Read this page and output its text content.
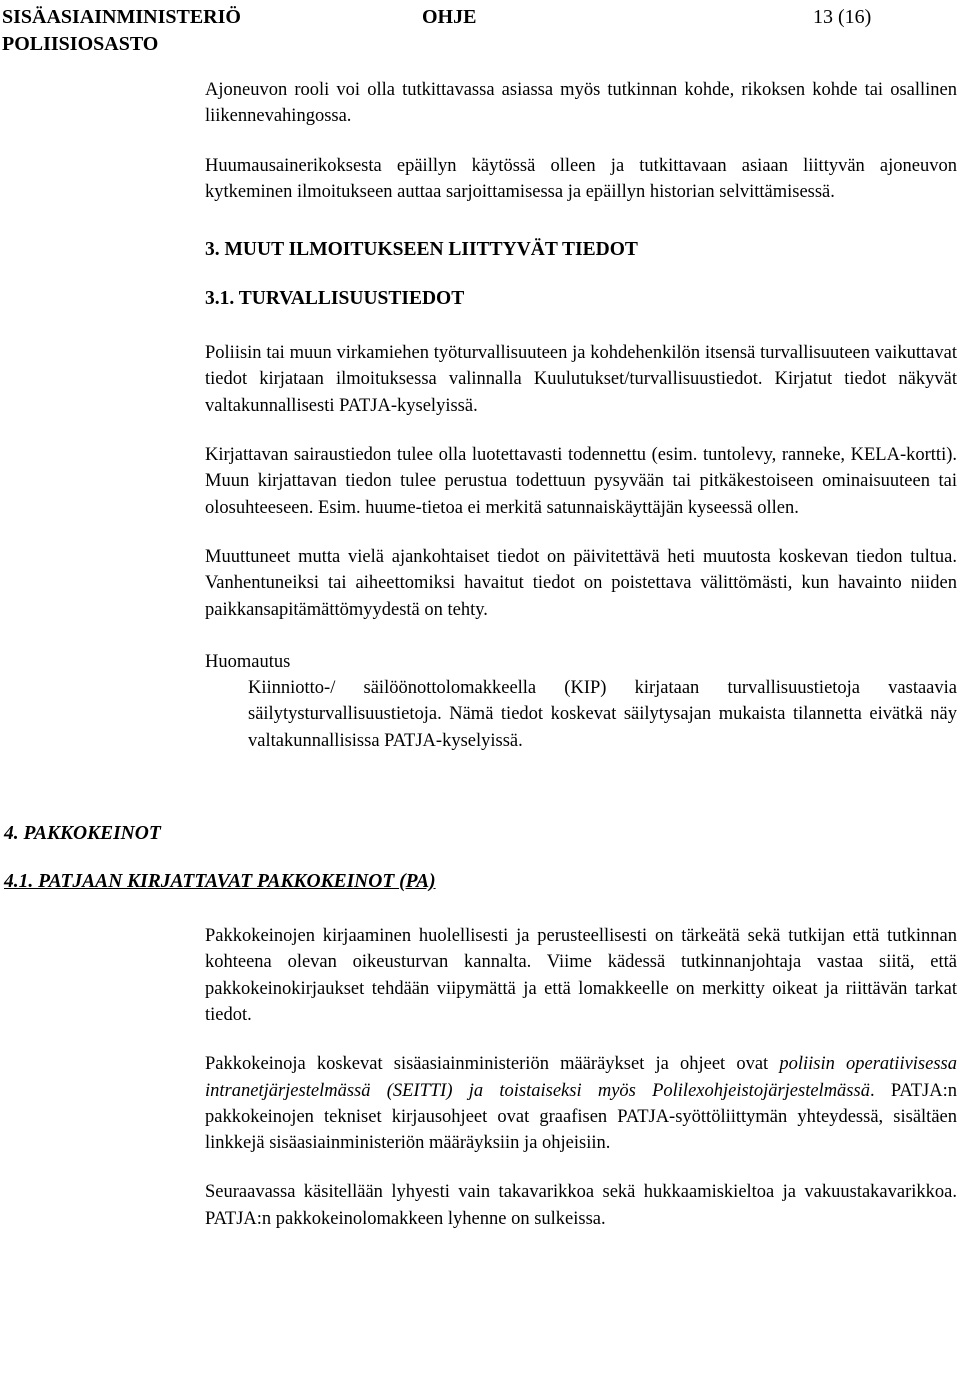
SISÄASIAINMINISTERIÖ
POLIISIOSASTO
OHJE	13 (16)

Ajoneuvon rooli voi olla tutkittavassa asiassa myös tutkinnan kohde, rikoksen kohde tai osallinen liikennevahingossa.

Huumausainerikoksesta epäillyn käytössä olleen ja tutkittavaan asiaan liittyvän ajoneuvon kytkeminen ilmoitukseen auttaa sarjoittamisessa ja epäillyn historian selvittämisessä.

3. MUUT ILMOITUKSEEN LIITTYVÄT TIEDOT
3.1. TURVALLISUUSTIEDOT

Poliisin tai muun virkamiehen työturvallisuuteen ja kohdehenkilön itsensä turvallisuuteen vaikuttavat tiedot kirjataan ilmoituksessa valinnalla Kuulutukset/turvallisuustiedot. Kirjatut tiedot näkyvät valtakunnallisesti PATJA-kyselyissä.

Kirjattavan sairaustiedon tulee olla luotettavasti todennettu (esim. tuntolevy, ranneke, KELA-kortti). Muun kirjattavan tiedon tulee perustua todettuun pysyvään tai pitkäkestoiseen ominaisuuteen tai olosuhteeseen. Esim. huume-tietoa ei merkitä satunnaiskäyttäjän kyseessä ollen.

Muuttuneet mutta vielä ajankohtaiset tiedot on päivitettävä heti muutosta koskevan tiedon tultua. Vanhentuneiksi tai aiheettomiksi havaitut tiedot on poistettava välittömästi, kun havainto niiden paikkansapitämättömyydestä on tehty.

Huomautus

Kiinniotto-/ säilöönottolomakkeella (KIP) kirjataan turvallisuustietoja vastaavia säilytysturvallisuustietoja. Nämä tiedot koskevat säilytysajan mukaista tilannetta eivätkä näy valtakunnallisissa PATJA-kyselyissä.

4. PAKKOKEINOT
4.1. PATJAAN KIRJATTAVAT PAKKOKEINOT (PA)

Pakkokeinojen kirjaaminen huolellisesti ja perusteellisesti on tärkeätä sekä tutkijan että tutkinnan kohteena olevan oikeusturvan kannalta. Viime kädessä tutkinnanjohtaja vastaa siitä, että pakkokeinokirjaukset tehdään viipymättä ja että lomakkeelle on merkitty oikeat ja riittävän tarkat tiedot.

Pakkokeinoja koskevat sisäasiainministeriön määräykset ja ohjeet ovat poliisin operatiivisessa intranetjärjestelmässä (SEITTI) ja toistaiseksi myös Polilexohjeistojärjestelmässä. PATJA:n pakkokeinojen tekniset kirjausohjeet ovat graafisen PATJA-syöttöliittymän yhteydessä, sisältäen linkkejä sisäasiainministeriön määräyksiin ja ohjeisiin.

Seuraavassa käsitellään lyhyesti vain takavarikkoa sekä hukkaamiskieltoa ja vakuustakavarikkoa. PATJA:n pakkokeinolomakkeen lyhenne on sulkeissa.
